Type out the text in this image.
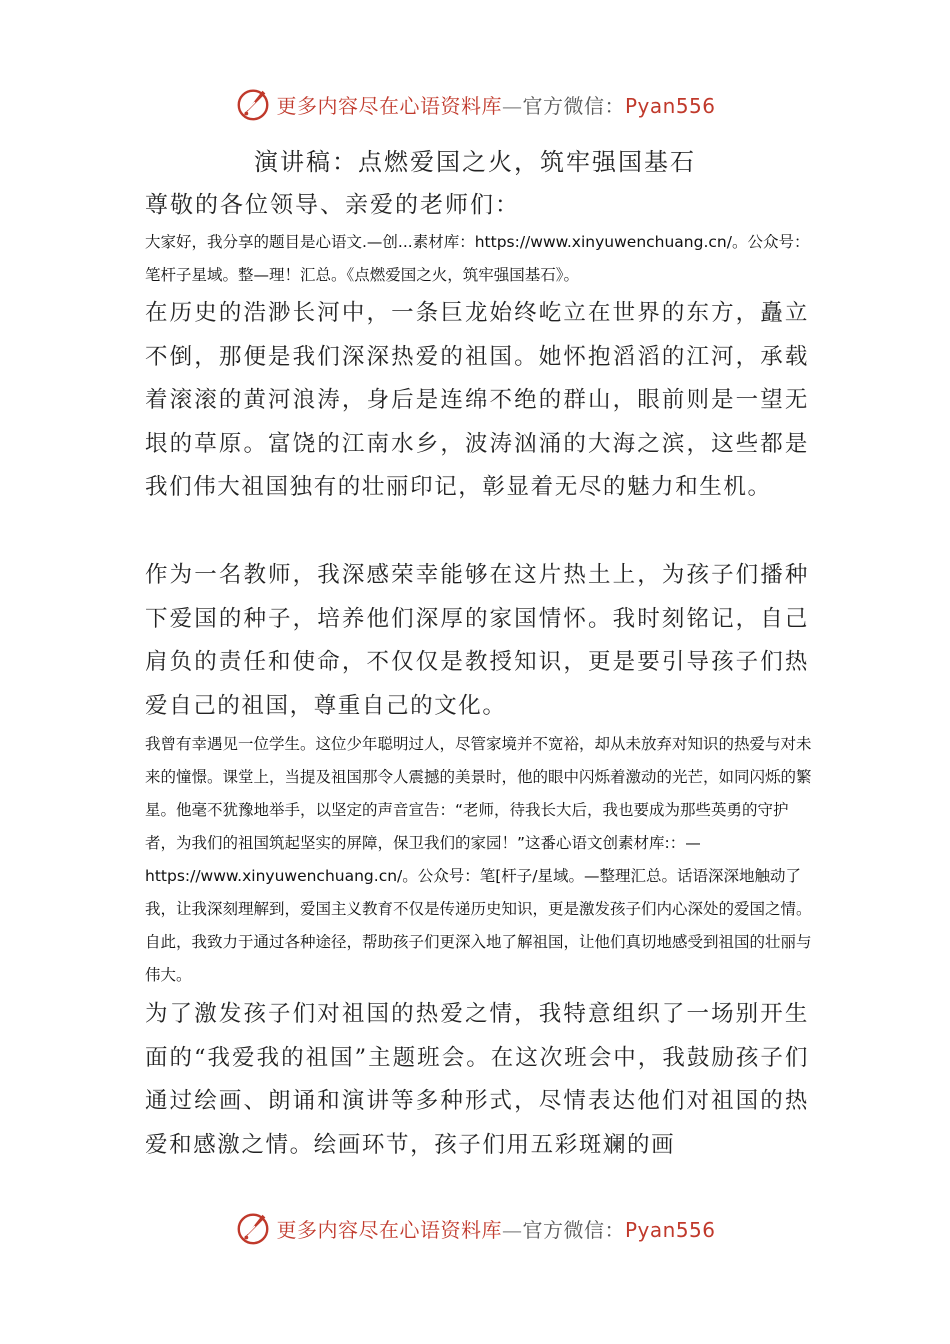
更多内容尽在心语资料库—官方微信：Pyan556
演讲稿：点燃爱国之火，筑牢强国基石

尊敬的各位领导、亲爱的老师们：

大家好，我分享的题目是心语文.—创...素材库：https://www.xinyuwenchuang.cn/。公众号：笔杆子星域。整—理！汇总。《点燃爱国之火，筑牢强国基石》。

在历史的浩渺长河中，一条巨龙始终屹立在世界的东方，矗立不倒，那便是我们深深热爱的祖国。她怀抱滔滔的江河，承载着滚滚的黄河浪涛，身后是连绵不绝的群山，眼前则是一望无垠的草原。富饶的江南水乡，波涛汹涌的大海之滨，这些都是我们伟大祖国独有的壮丽印记，彰显着无尽的魅力和生机。

作为一名教师，我深感荣幸能够在这片热土上，为孩子们播种下爱国的种子，培养他们深厚的家国情怀。我时刻铭记，自己肩负的责任和使命，不仅仅是教授知识，更是要引导孩子们热爱自己的祖国，尊重自己的文化。

我曾有幸遇见一位学生。这位少年聪明过人，尽管家境并不宽裕，却从未放弃对知识的热爱与对未来的憧憬。课堂上，当提及祖国那令人震撼的美景时，他的眼中闪烁着激动的光芒，如同闪烁的繁星。他毫不犹豫地举手，以坚定的声音宣告：“老师，待我长大后，我也要成为那些英勇的守护者，为我们的祖国筑起坚实的屏障，保卫我们的家园！”这番心语文创素材库:：—https://www.xinyuwenchuang.cn/。公众号：笔[杆子/星域。—整理汇总。话语深深地触动了我，让我深刻理解到，爱国主义教育不仅是传递历史知识，更是激发孩子们内心深处的爱国之情。自此，我致力于通过各种途径，帮助孩子们更深入地了解祖国，让他们真切地感受到祖国的壮丽与伟大。

为了激发孩子们对祖国的热爱之情，我特意组织了一场别开生面的“我爱我的祖国”主题班会。在这次班会中，我鼓励孩子们通过绘画、朗诵和演讲等多种形式，尽情表达他们对祖国的热爱和感激之情。绘画环节，孩子们用五彩斑斓的画

更多内容尽在心语资料库—官方微信：Pyan556
